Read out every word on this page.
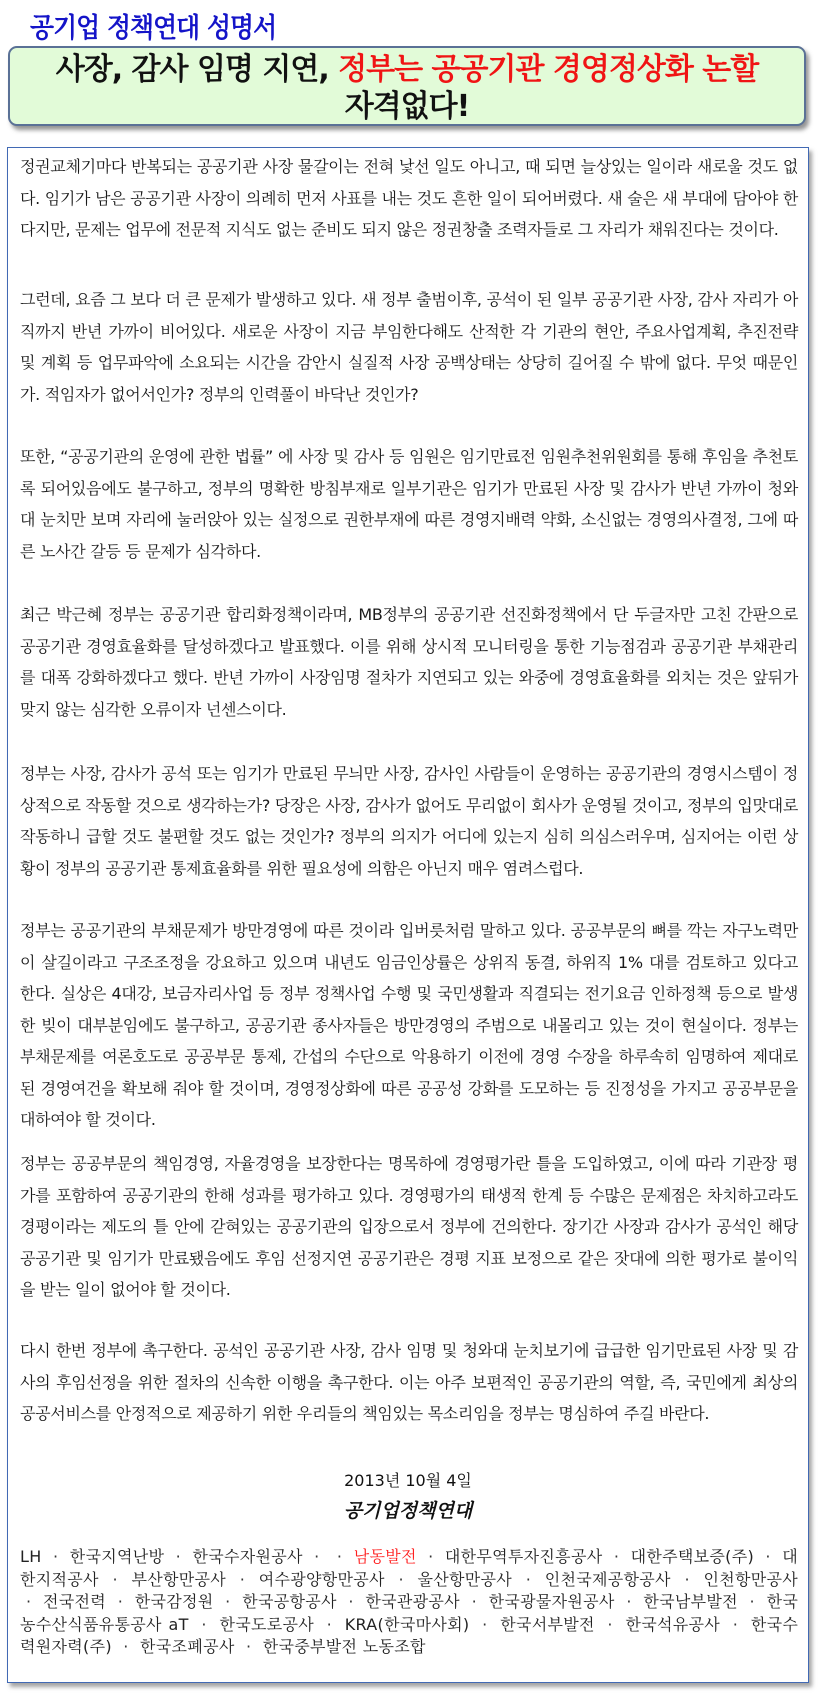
공기업 정책연대 성명서
사장, 감사 임명 지연, 정부는 공공기관 경영정상화 논할
자격없다!

정권교체기마다 반복되는 공공기관 사장 물갈이는 전혀 낯선 일도 아니고, 때 되면 늘상있는 일이라 새로울 것도 없다. 임기가 남은 공공기관 사장이 의례히 먼저 사표를 내는 것도 흔한 일이 되어버렸다. 새 술은 새 부대에 담아야 한다지만, 문제는 업무에 전문적 지식도 없는 준비도 되지 않은 정권창출 조력자들로 그 자리가 채워진다는 것이다.

그런데, 요즘 그 보다 더 큰 문제가 발생하고 있다. 새 정부 출범이후, 공석이 된 일부 공공기관 사장, 감사 자리가 아직까지 반년 가까이 비어있다. 새로운 사장이 지금 부임한다해도 산적한 각 기관의 현안, 주요사업계획, 추진전략 및 계획 등 업무파악에 소요되는 시간을 감안시 실질적 사장 공백상태는 상당히 길어질 수 밖에 없다. 무엇 때문인가. 적임자가 없어서인가? 정부의 인력풀이 바닥난 것인가?

또한, “공공기관의 운영에 관한 법률” 에 사장 및 감사 등 임원은 임기만료전 임원추천위원회를 통해 후임을 추천토록 되어있음에도 불구하고, 정부의 명확한 방침부재로 일부기관은 임기가 만료된 사장 및 감사가 반년 가까이 청와대 눈치만 보며 자리에 눌러앉아 있는 실정으로 권한부재에 따른 경영지배력 약화, 소신없는 경영의사결정, 그에 따른 노사간 갈등 등 문제가 심각하다.

최근 박근혜 정부는 공공기관 합리화정책이라며, MB정부의 공공기관 선진화정책에서 단 두글자만 고친 간판으로 공공기관 경영효율화를 달성하겠다고 발표했다. 이를 위해 상시적 모니터링을 통한 기능점검과 공공기관 부채관리를 대폭 강화하겠다고 했다. 반년 가까이 사장임명 절차가 지연되고 있는 와중에 경영효율화를 외치는 것은 앞뒤가 맞지 않는 심각한 오류이자 넌센스이다.

정부는 사장, 감사가 공석 또는 임기가 만료된 무늬만 사장, 감사인 사람들이 운영하는 공공기관의 경영시스템이 정상적으로 작동할 것으로 생각하는가? 당장은 사장, 감사가 없어도 무리없이 회사가 운영될 것이고, 정부의 입맛대로 작동하니 급할 것도 불편할 것도 없는 것인가? 정부의 의지가 어디에 있는지 심히 의심스러우며, 심지어는 이런 상황이 정부의 공공기관 통제효율화를 위한 필요성에 의함은 아닌지 매우 염려스럽다.

정부는 공공기관의 부채문제가 방만경영에 따른 것이라 입버릇처럼 말하고 있다. 공공부문의 뼈를 깍는 자구노력만이 살길이라고 구조조정을 강요하고 있으며 내년도 임금인상률은 상위직 동결, 하위직 1% 대를 검토하고 있다고 한다. 실상은 4대강, 보금자리사업 등 정부 정책사업 수행 및 국민생활과 직결되는 전기요금 인하정책 등으로 발생한 빚이 대부분임에도 불구하고, 공공기관 종사자들은 방만경영의 주범으로 내몰리고 있는 것이 현실이다. 정부는 부채문제를 여론호도로 공공부문 통제, 간섭의 수단으로 악용하기 이전에 경영 수장을 하루속히 임명하여 제대로 된 경영여건을 확보해 줘야 할 것이며, 경영정상화에 따른 공공성 강화를 도모하는 등 진정성을 가지고 공공부문을 대하여야 할 것이다.

정부는 공공부문의 책임경영, 자율경영을 보장한다는 명목하에 경영평가란 틀을 도입하였고, 이에 따라 기관장 평가를 포함하여 공공기관의 한해 성과를 평가하고 있다. 경영평가의 태생적 한계 등 수많은 문제점은 차치하고라도 경평이라는 제도의 틀 안에 갇혀있는 공공기관의 입장으로서 정부에 건의한다. 장기간 사장과 감사가 공석인 해당 공공기관 및 임기가 만료됐음에도 후임 선정지연 공공기관은 경평 지표 보정으로 같은 잣대에 의한 평가로 불이익을 받는 일이 없어야 할 것이다.

다시 한번 정부에 촉구한다. 공석인 공공기관 사장, 감사 임명 및 청와대 눈치보기에 급급한 임기만료된 사장 및 감사의 후임선정을 위한 절차의 신속한 이행을 촉구한다. 이는 아주 보편적인 공공기관의 역할, 즉, 국민에게 최상의 공공서비스를 안정적으로 제공하기 위한 우리들의 책임있는 목소리임을 정부는 명심하여 주길 바란다.

2013년 10월 4일
공기업정책연대
LH · 한국지역난방 · 한국수자원공사 · · 남동발전 · 대한무역투자진흥공사 · 대한주택보증(주) · 대한지적공사 · 부산항만공사 · 여수광양항만공사 · 울산항만공사 · 인천국제공항공사 · 인천항만공사 · 전국전력 · 한국감정원 · 한국공항공사 · 한국관광공사 · 한국광물자원공사 · 한국남부발전 · 한국농수산식품유통공사 aT · 한국도로공사 · KRA(한국마사회) · 한국서부발전 · 한국석유공사 · 한국수력원자력(주) · 한국조폐공사 · 한국중부발전 노동조합
